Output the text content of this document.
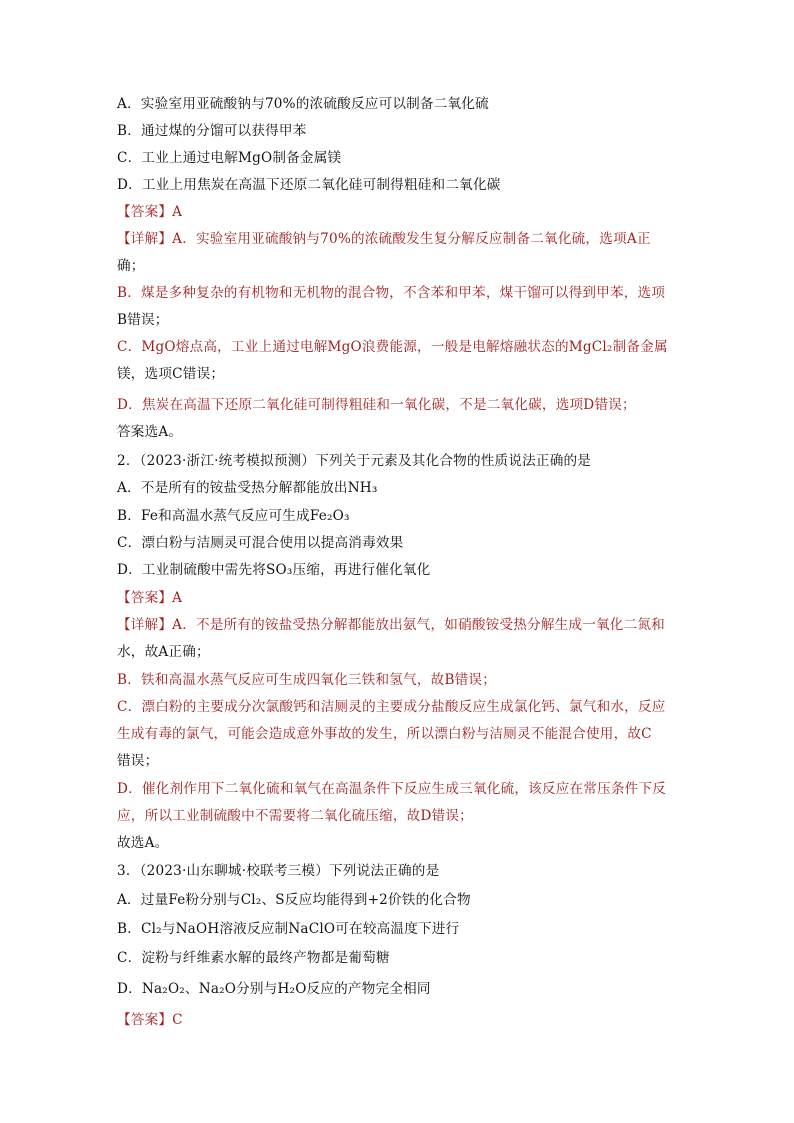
A．实验室用亚硫酸钠与70%的浓硫酸反应可以制备二氧化硫
B．通过煤的分馏可以获得甲苯
C．工业上通过电解MgO制备金属镁
D．工业上用焦炭在高温下还原二氧化硅可制得粗硅和二氧化碳
【答案】A
【详解】A．实验室用亚硫酸钠与70%的浓硫酸发生复分解反应制备二氧化硫，选项A正
确；
B．煤是多种复杂的有机物和无机物的混合物，不含苯和甲苯，煤干馏可以得到甲苯，选项
B错误；
C．MgO熔点高，工业上通过电解MgO浪费能源，一般是电解熔融状态的MgCl₂制备金属
镁，选项C错误；
D．焦炭在高温下还原二氧化硅可制得粗硅和一氧化碳，不是二氧化碳，选项D错误；
答案选A。
2．（2023·浙江·统考模拟预测）下列关于元素及其化合物的性质说法正确的是
A．不是所有的铵盐受热分解都能放出NH₃
B．Fe和高温水蒸气反应可生成Fe₂O₃
C．漂白粉与洁厕灵可混合使用以提高消毒效果
D．工业制硫酸中需先将SO₃压缩，再进行催化氧化
【答案】A
【详解】A．不是所有的铵盐受热分解都能放出氨气，如硝酸铵受热分解生成一氧化二氮和
水，故A正确；
B．铁和高温水蒸气反应可生成四氧化三铁和氢气，故B错误；
C．漂白粉的主要成分次氯酸钙和洁厕灵的主要成分盐酸反应生成氯化钙、氯气和水，反应
生成有毒的氯气，可能会造成意外事故的发生，所以漂白粉与洁厕灵不能混合使用，故C
错误；
D．催化剂作用下二氧化硫和氧气在高温条件下反应生成三氧化硫，该反应在常压条件下反
应，所以工业制硫酸中不需要将二氧化硫压缩，故D错误；
故选A。
3．（2023·山东聊城·校联考三模）下列说法正确的是
A．过量Fe粉分别与Cl₂、S反应均能得到+2价铁的化合物
B．Cl₂与NaOH溶液反应制NaClO可在较高温度下进行
C．淀粉与纤维素水解的最终产物都是葡萄糖
D．Na₂O₂、Na₂O分别与H₂O反应的产物完全相同
【答案】C
